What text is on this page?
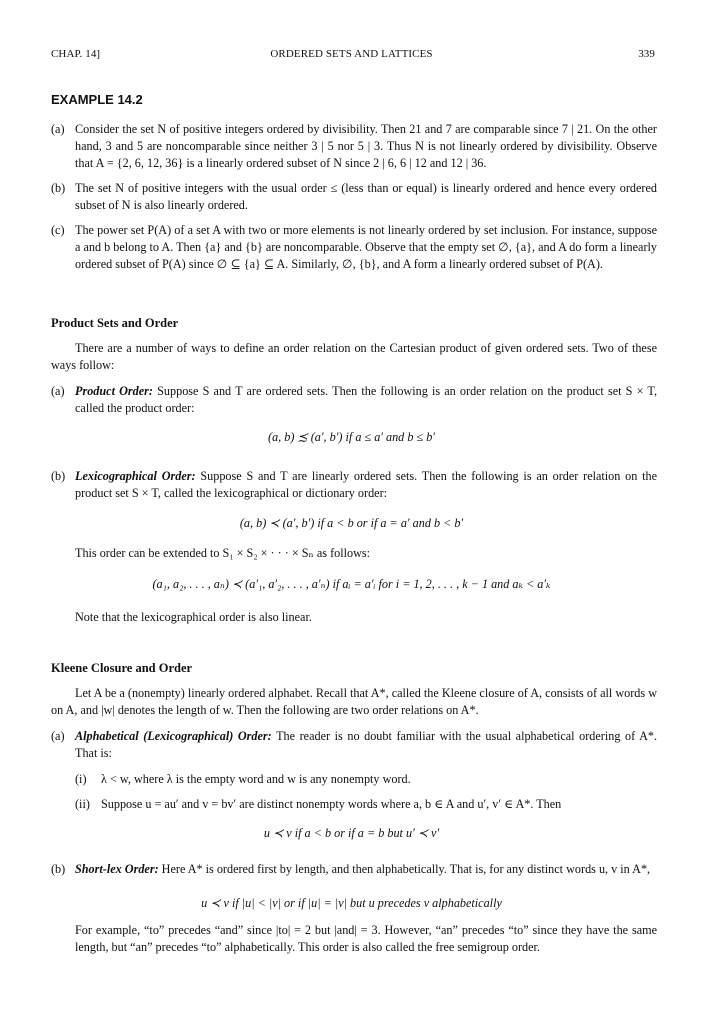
CHAP. 14]	ORDERED SETS AND LATTICES	339
EXAMPLE 14.2
(a) Consider the set N of positive integers ordered by divisibility. Then 21 and 7 are comparable since 7 | 21. On the other hand, 3 and 5 are noncomparable since neither 3 | 5 nor 5 | 3. Thus N is not linearly ordered by divisibility. Observe that A = {2, 6, 12, 36} is a linearly ordered subset of N since 2 | 6, 6 | 12 and 12 | 36.
(b) The set N of positive integers with the usual order ≤ (less than or equal) is linearly ordered and hence every ordered subset of N is also linearly ordered.
(c) The power set P(A) of a set A with two or more elements is not linearly ordered by set inclusion. For instance, suppose a and b belong to A. Then {a} and {b} are noncomparable. Observe that the empty set ∅, {a}, and A do form a linearly ordered subset of P(A) since ∅ ⊆ {a} ⊆ A. Similarly, ∅, {b}, and A form a linearly ordered subset of P(A).
Product Sets and Order
There are a number of ways to define an order relation on the Cartesian product of given ordered sets. Two of these ways follow:
(a) Product Order: Suppose S and T are ordered sets. Then the following is an order relation on the product set S × T, called the product order:
(a, b) ≾ (a′, b′) if a ≤ a′ and b ≤ b′
(b) Lexicographical Order: Suppose S and T are linearly ordered sets. Then the following is an order relation on the product set S × T, called the lexicographical or dictionary order:
(a, b) ≺ (a′, b′) if a < b or if a = a′ and b < b′
This order can be extended to S₁ × S₂ × · · · × Sₙ as follows:
(a₁, a₂, . . . , aₙ) ≺ (a′₁, a′₂, . . . , a′ₙ) if aᵢ = a′ᵢ for i = 1, 2, . . . , k − 1 and aₖ < a′ₖ
Note that the lexicographical order is also linear.
Kleene Closure and Order
Let A be a (nonempty) linearly ordered alphabet. Recall that A*, called the Kleene closure of A, consists of all words w on A, and |w| denotes the length of w. Then the following are two order relations on A*.
(a) Alphabetical (Lexicographical) Order: The reader is no doubt familiar with the usual alphabetical ordering of A*. That is:
(i) λ < w, where λ is the empty word and w is any nonempty word.
(ii) Suppose u = au′ and v = bv′ are distinct nonempty words where a, b ∈ A and u′, v′ ∈ A*. Then
u ≺ v if a < b or if a = b but u′ ≺ v′
(b) Short-lex Order: Here A* is ordered first by length, and then alphabetically. That is, for any distinct words u, v in A*,
u ≺ v if |u| < |v| or if |u| = |v| but u precedes v alphabetically
For example, “to” precedes “and” since |to| = 2 but |and| = 3. However, “an” precedes “to” since they have the same length, but “an” precedes “to” alphabetically. This order is also called the free semigroup order.
